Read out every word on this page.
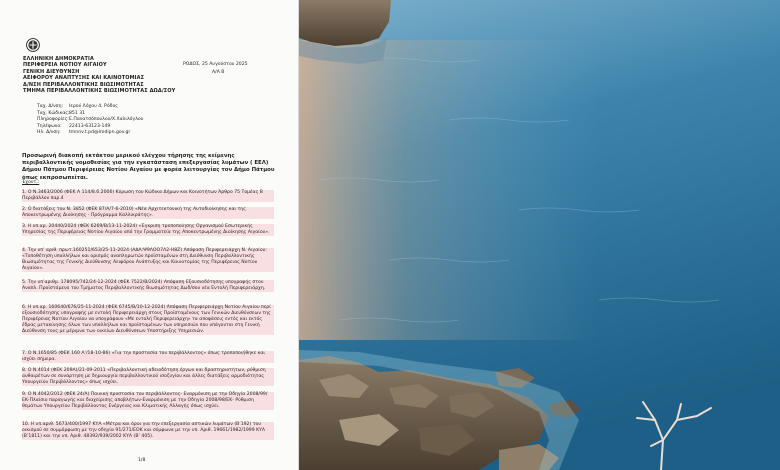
ΕΛΛΗΝΙΚΗ ΔΗΜΟΚΡΑΤΙΑ
ΠΕΡΙΦΕΡΕΙΑ ΝΟΤΙΟΥ ΑΙΓΑΙΟΥ
ΓΕΝΙΚΗ ΔΙΕΥΘΥΝΣΗ
ΑΕΙΦΟΡΟΥ ΑΝΑΠΤΥΞΗΣ ΚΑΙ ΚΑΙΝΟΤΟΜΙΑΣ
Δ/ΝΣΗ ΠΕΡΙΒΑΛΛΟΝΤΙΚΗΣ ΒΙΩΣΙΜΟΤΗΤΑΣ
ΤΜΗΜΑ ΠΕΡΙΒΑΛΛΟΝΤΙΚΗΣ ΒΙΩΣΙΜΟΤΗΤΑΣ ΔΩΔ/ΣΟΥ
ΡΟΔΟΣ, 25 Αυγούστου 2025
Α/Α Β
Ταχ. Δ/νση:	Ιερού Λόχου 4, Ρόδος
Ταχ. Κώδικας: 851 31
Πληροφορίες: Ε.Πανατσόπουλου/Χ.Χαλιλόγλου
Τηλέφωνο:	22413-63123-149
Ηλ. Δ/νση:	tmnnv.t.pd@lrodipn.gov.gr
Προσωρινή διακοπή εκτάκτου μερικού ελέγχου τήρησης της κείμενης περιβαλλοντικής νομοθεσίας για την εγκατάσταση επεξεργασίας λυμάτων ( ΕΕΛ) Δήμου Πάτμου Περιφέρειας Νοτίου Αιγαίου με φορέα λειτουργίας τον Δήμο Πάτμου όπως εκπροσωπείται.
Έχοντ.:
1. Ο Ν.3463/2006 (ΦΕΚ Α 114/8.6.2006) Κύρωση του Κώδικα Δήμων και Κοινοτήτων Άρθρο 75 Τομέας Β Περιβάλλον παρ.4
2. Ο διατάξεις του Ν. 3852 (ΦΕΚ 87/Α/7-6-2010) «Νέα Αρχιτεκτονική της Αυτοδιοίκησης και της Αποκεντρωμένης Διοίκησης - Πρόγραμμα Καλλικράτης».
3. Η υπ.αρ. 20440/2024 (ΦΕΚ 6269/Β/13-11-2024) «Έγκριση τροποποίησης Οργανισμού Εσωτερικής Υπηρεσίας της Περιφέρειας Νοτίου Αιγαίου από την Γραμματεία της Αποκεντρωμένης Διοίκησης Αιγαίου».
4. Την υπ’ αριθ. πρωτ.160251/653/25-11-2024 (ΑΔΑ:Ψ9ΛΟΟ7Λ2-Η8Ζ) Απόφαση Περιφερειάρχη Ν. Αιγαίου: «Τοποθέτηση υπαλλήλων και ορισμός αναπληρωτών προϊσταμένων στη Διεύθυνση Περιβαλλοντικής Βιωσιμότητας της Γενικής Διεύθυνσης Αειφόρου Ανάπτυξης και Καινοτομίας της Περιφέρειας Νοτίου Αιγαίου».
5. Την υπ’αριθμ. 178095/742/24-12-2024 (ΦΕΚ 7522/Β/2024) Απόφαση Εξουσιοδότησης υπογραφής στον Αναπλ. Προϊστάμενο του Τμήματος Περιβαλλοντικής Βιωσιμότητας Δωδ/σου νέα Εντολή Περιφερειάρχη.
6. Η υπ.αρ. 160640/676/25-11-2024 (ΦΕΚ 6745/Β/10-12-2024) Απόφαση Περιφερειάρχη Νοτίου Αιγαίου περί εξουσιοδότησης υπογραφής με εντολή Περιφερειάρχη στους Προϊσταμένους των Γενικών Διευθύνσεων της Περιφέρειας Νοτίου Αιγαίου να υπογράφουν «Με εντολή Περιφερειάρχη» τα αποφάσεις εντός και εκτός έδρας μετακίνησης όλων των υπαλλήλων και προϊσταμένων των υπηρεσιών που υπάγονται στη Γενική Διεύθυνση τους με μέριμνα των οικείων Διευθύνσεων Υποστήριξης Υπηρεσιών.
7. Ο Ν.1650/85 (ΦΕΚ 160 Α’/18-10-86) «Για την προστασία του περιβάλλοντος» όπως τροποποιήθηκε και ισχύει σήμερα.
8. Ο Ν.4014 (ΦΕΚ 209Α)/21-09-2011 «Περιβαλλοντική αδειοδότηση έργων και δραστηριοτήτων, ρύθμιση αυθαιρέτων σε συνάρτηση με δημιουργία περιβαλλοντικού ισοζυγίου και άλλες διατάξεις αρμοδιότητας Υπουργείου Περιβάλλοντος» όπως ισχύει.
9. Ο Ν.4042/2012 (ΦΕΚ 24/Α) Ποινική προστασία του περιβάλλοντος- Εναρμόνιση με την Οδηγία 2008/99/ΕΚ-Πλαίσιο παραγωγής και διαχείρισης αποβλήτων-Εναρμόνιση με την Οδηγία 2008/98/ΕΚ- Ρύθμιση θεμάτων Υπουργείου Περιβάλλοντος Ενέργειας και Κλιματικής Αλλαγής όπως ισχύει.
10. Η υπ.αριθ. 5673/400/1997 ΚΥΑ «Μέτρα και όροι για την επεξεργασία αστικών λυμάτων (Β’192) του οικισμού σε συμμόρφωση με την οδηγία 91/271/ΕΟΚ και σύμφωνα με την υπ. Αριθ. 19661/1982/1999 ΚΥΑ (Β’1811) και την υπ. Αριθ. 48392/939/2002 ΚΥΑ (Β’ 405).
1/8
